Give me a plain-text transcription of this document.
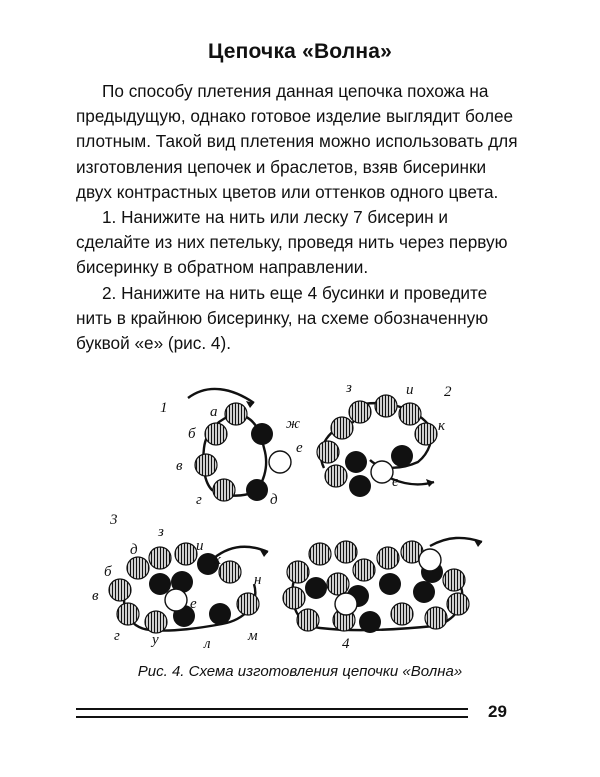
Цепочка «Волна»

По способу плетения данная цепочка похожа на предыдущую, однако готовое изделие выглядит более плотным. Такой вид плетения можно использовать для изготовления цепочек и браслетов, взяв бисеринки двух контрастных цветов или оттенков одного цвета.

1. Нанижите на нить или леску 7 бисерин и сделайте из них петельку, проведя нить через первую бисеринку в обратном направлении.

2. Нанижите на нить еще 4 бусинки и проведите нить в крайнюю бисеринку, на схеме обозначенную буквой «е» (рис. 4).

1	а
б
в
г	д
е
ж
з	и
к
е
2
3
з
д	и
к
б	н
в	е
г у	л м	4
Рис. 4. Схема изготовления цепочки «Волна»
29
